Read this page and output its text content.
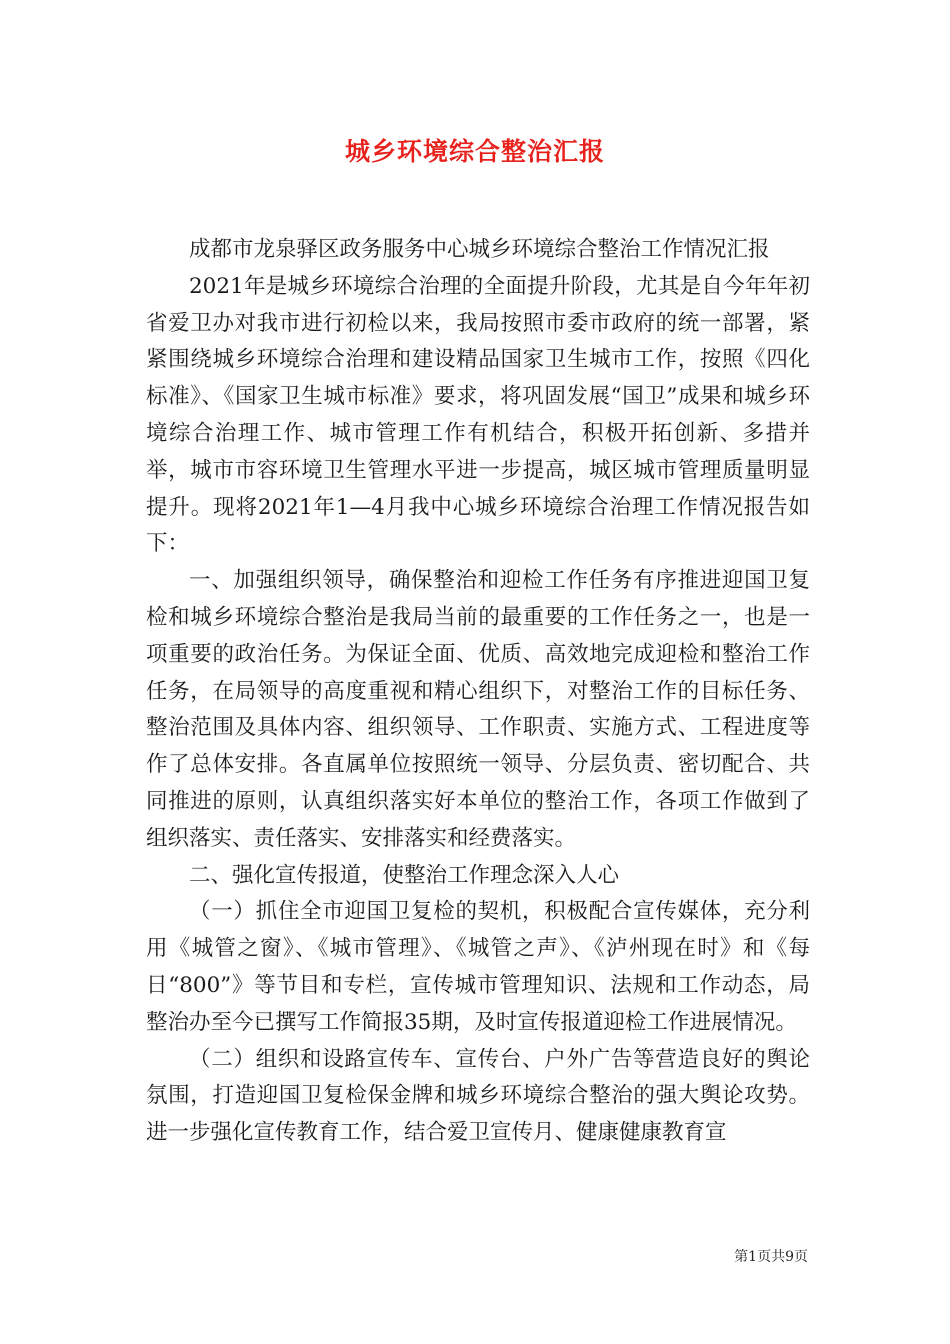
城乡环境综合整治汇报

成都市龙泉驿区政务服务中心城乡环境综合整治工作情况汇报

2021年是城乡环境综合治理的全面提升阶段，尤其是自今年年初省爱卫办对我市进行初检以来，我局按照市委市政府的统一部署，紧紧围绕城乡环境综合治理和建设精品国家卫生城市工作，按照《四化标准》、《国家卫生城市标准》要求，将巩固发展“国卫”成果和城乡环境综合治理工作、城市管理工作有机结合，积极开拓创新、多措并举，城市市容环境卫生管理水平进一步提高，城区城市管理质量明显提升。现将2021年1—4月我中心城乡环境综合治理工作情况报告如下：

一、加强组织领导，确保整治和迎检工作任务有序推进迎国卫复检和城乡环境综合整治是我局当前的最重要的工作任务之一，也是一项重要的政治任务。为保证全面、优质、高效地完成迎检和整治工作任务，在局领导的高度重视和精心组织下，对整治工作的目标任务、整治范围及具体内容、组织领导、工作职责、实施方式、工程进度等作了总体安排。各直属单位按照统一领导、分层负责、密切配合、共同推进的原则，认真组织落实好本单位的整治工作，各项工作做到了组织落实、责任落实、安排落实和经费落实。

二、强化宣传报道，使整治工作理念深入人心

（一）抓住全市迎国卫复检的契机，积极配合宣传媒体，充分利用《城管之窗》、《城市管理》、《城管之声》、《泸州现在时》和《每日“800”》等节目和专栏，宣传城市管理知识、法规和工作动态，局整治办至今已撰写工作简报35期，及时宣传报道迎检工作进展情况。

（二）组织和设路宣传车、宣传台、户外广告等营造良好的舆论氛围，打造迎国卫复检保金牌和城乡环境综合整治的强大舆论攻势。进一步强化宣传教育工作，结合爱卫宣传月、健康健康教育宣

第1页共9页
